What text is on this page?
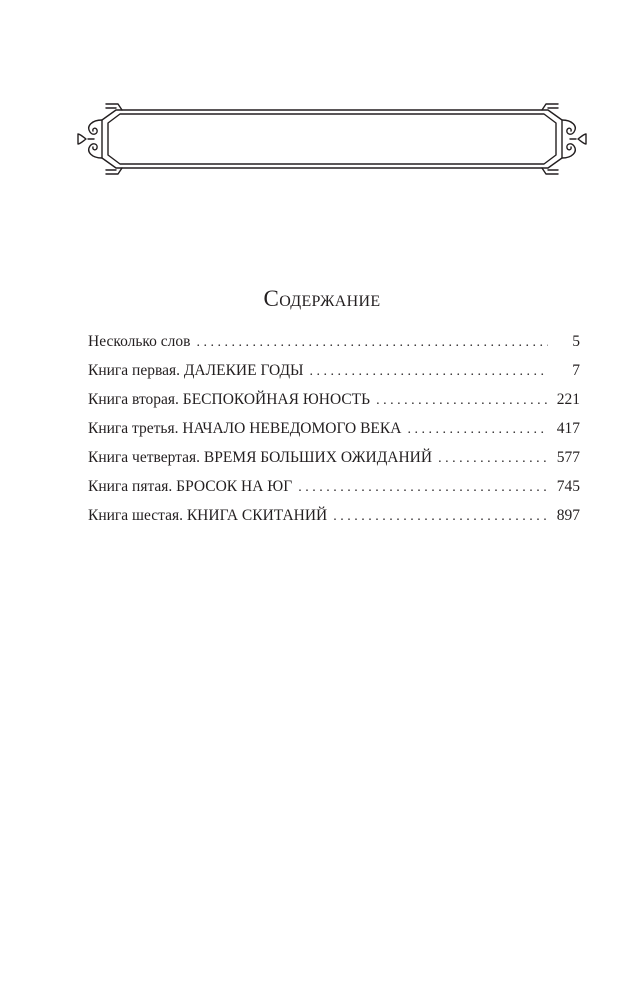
Содержание
Несколько слов . . .	5
Книга первая. ДАЛЕКИЕ ГОДЫ . . .	7
Книга вторая. БЕСПОКОЙНАЯ ЮНОСТЬ . . .	221
Книга третья. НАЧАЛО НЕВЕДОМОГО ВЕКА . . .	417
Книга четвертая. ВРЕМЯ БОЛЬШИХ ОЖИДАНИЙ . . .	577
Книга пятая. БРОСОК НА ЮГ . . .	745
Книга шестая. КНИГА СКИТАНИЙ . . .	897
